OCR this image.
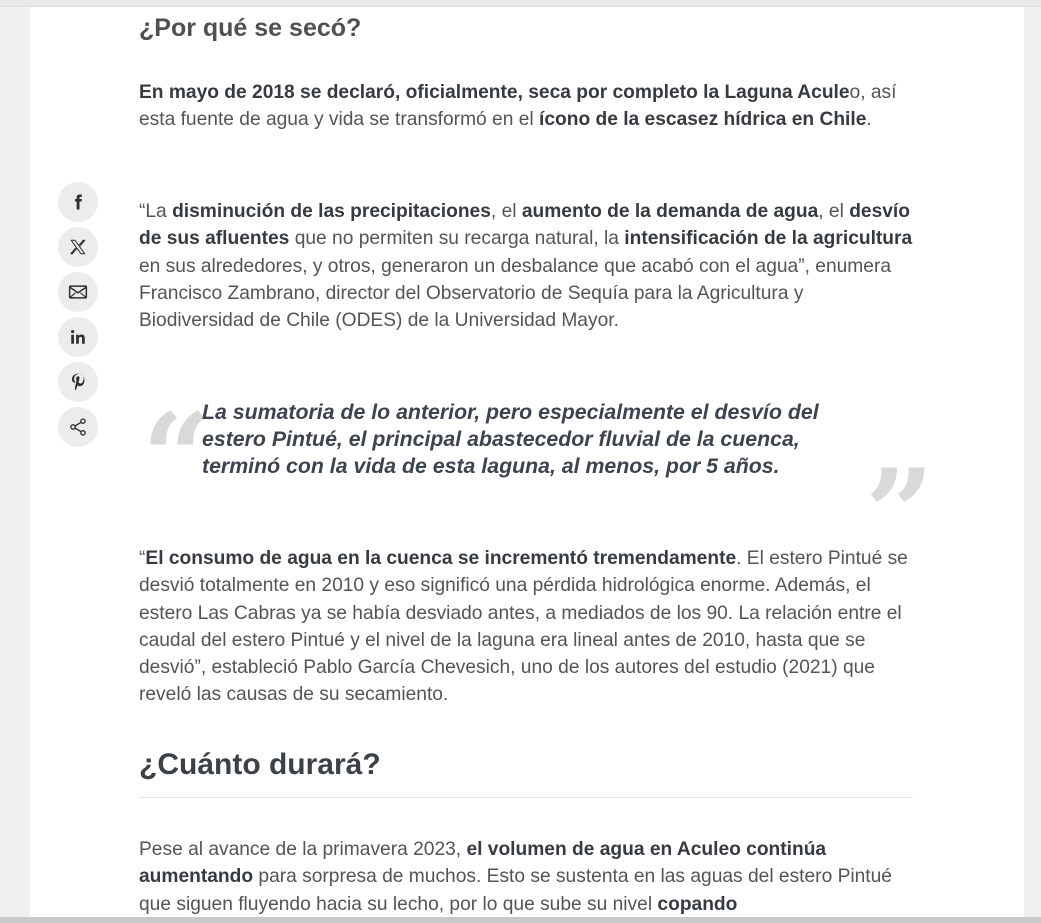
¿Por qué se secó?

En mayo de 2018 se declaró, oficialmente, seca por completo la Laguna Aculeo, así esta fuente de agua y vida se transformó en el ícono de la escasez hídrica en Chile.

“La disminución de las precipitaciones, el aumento de la demanda de agua, el desvío de sus afluentes que no permiten su recarga natural, la intensificación de la agricultura en sus alrededores, y otros, generaron un desbalance que acabó con el agua”, enumera Francisco Zambrano, director del Observatorio de Sequía para la Agricultura y Biodiversidad de Chile (ODES) de la Universidad Mayor.

“

La sumatoria de lo anterior, pero especialmente el desvío del estero Pintué, el principal abastecedor fluvial de la cuenca, terminó con la vida de esta laguna, al menos, por 5 años. ”

“El consumo de agua en la cuenca se incrementó tremendamente. El estero Pintué se desvió totalmente en 2010 y eso significó una pérdida hidrológica enorme. Además, el estero Las Cabras ya se había desviado antes, a mediados de los 90. La relación entre el caudal del estero Pintué y el nivel de la laguna era lineal antes de 2010, hasta que se desvió”, estableció Pablo García Chevesich, uno de los autores del estudio (2021) que reveló las causas de su secamiento.

¿Cuánto durará?

Pese al avance de la primavera 2023, el volumen de agua en Aculeo continúa aumentando para sorpresa de muchos. Esto se sustenta en las aguas del estero Pintué que siguen fluyendo hacia su lecho, por lo que sube su nivel copando
